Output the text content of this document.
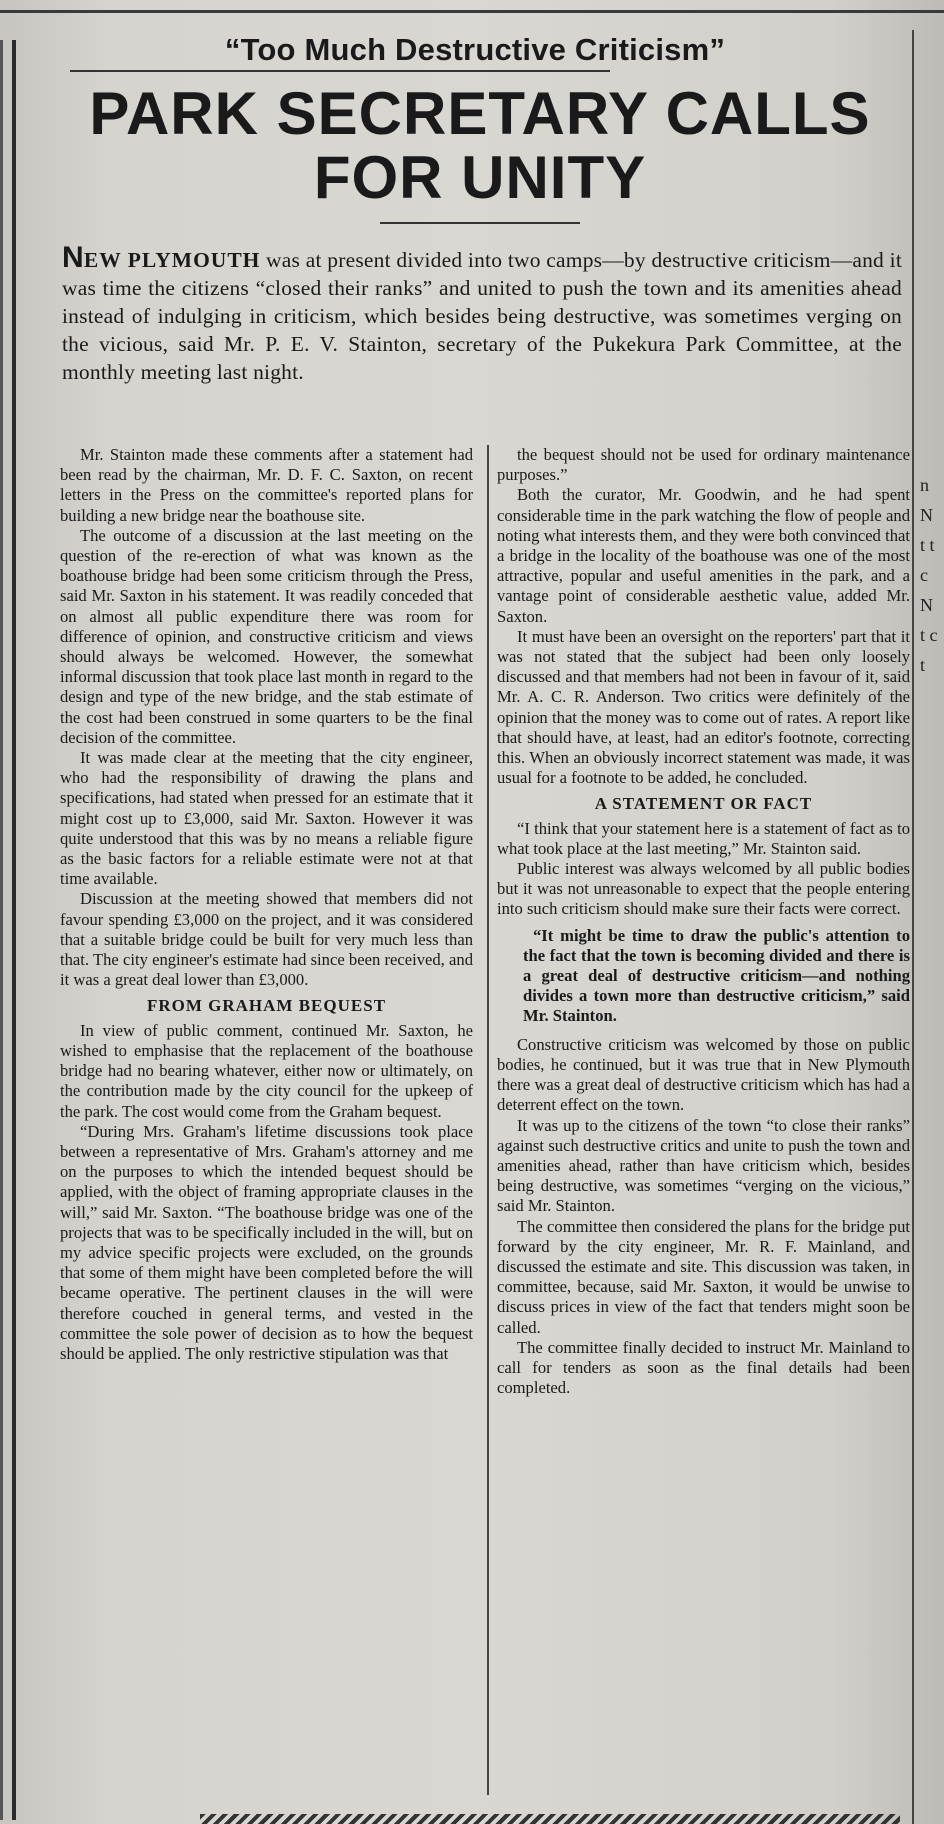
“Too Much Destructive Criticism”
PARK SECRETARY CALLS
FOR UNITY
NEW PLYMOUTH was at present divided into two camps—by destructive criticism—and it was time the citizens “closed their ranks” and united to push the town and its amenities ahead instead of indulging in criticism, which besides being destructive, was sometimes verging on the vicious, said Mr. P. E. V. Stainton, secretary of the Pukekura Park Committee, at the monthly meeting last night.

Mr. Stainton made these comments after a statement had been read by the chairman, Mr. D. F. C. Saxton, on recent letters in the Press on the committee's reported plans for building a new bridge near the boathouse site.

The outcome of a discussion at the last meeting on the question of the re-erection of what was known as the boathouse bridge had been some criticism through the Press, said Mr. Saxton in his statement. It was readily conceded that on almost all public expenditure there was room for difference of opinion, and constructive criticism and views should always be welcomed. However, the somewhat informal discussion that took place last month in regard to the design and type of the new bridge, and the stab estimate of the cost had been construed in some quarters to be the final decision of the committee.

It was made clear at the meeting that the city engineer, who had the responsibility of drawing the plans and specifications, had stated when pressed for an estimate that it might cost up to £3,000, said Mr. Saxton. However it was quite understood that this was by no means a reliable figure as the basic factors for a reliable estimate were not at that time available.

Discussion at the meeting showed that members did not favour spending £3,000 on the project, and it was considered that a suitable bridge could be built for very much less than that. The city engineer's estimate had since been received, and it was a great deal lower than £3,000.

FROM GRAHAM BEQUEST

In view of public comment, continued Mr. Saxton, he wished to emphasise that the replacement of the boathouse bridge had no bearing whatever, either now or ultimately, on the contribution made by the city council for the upkeep of the park. The cost would come from the Graham bequest.

“During Mrs. Graham's lifetime discussions took place between a representative of Mrs. Graham's attorney and me on the purposes to which the intended bequest should be applied, with the object of framing appropriate clauses in the will,” said Mr. Saxton. “The boathouse bridge was one of the projects that was to be specifically included in the will, but on my advice specific projects were excluded, on the grounds that some of them might have been completed before the will became operative. The pertinent clauses in the will were therefore couched in general terms, and vested in the committee the sole power of decision as to how the bequest should be applied. The only restrictive stipulation was that

the bequest should not be used for ordinary maintenance purposes.”

Both the curator, Mr. Goodwin, and he had spent considerable time in the park watching the flow of people and noting what interests them, and they were both convinced that a bridge in the locality of the boathouse was one of the most attractive, popular and useful amenities in the park, and a vantage point of considerable aesthetic value, added Mr. Saxton.

It must have been an oversight on the reporters' part that it was not stated that the subject had been only loosely discussed and that members had not been in favour of it, said Mr. A. C. R. Anderson. Two critics were definitely of the opinion that the money was to come out of rates. A report like that should have, at least, had an editor's footnote, correcting this. When an obviously incorrect statement was made, it was usual for a footnote to be added, he concluded.

A STATEMENT OR FACT

“I think that your statement here is a statement of fact as to what took place at the last meeting,” Mr. Stainton said.

Public interest was always welcomed by all public bodies but it was not unreasonable to expect that the people entering into such criticism should make sure their facts were correct.

“It might be time to draw the public's attention to the fact that the town is becoming divided and there is a great deal of destructive criticism—and nothing divides a town more than destructive criticism,” said Mr. Stainton.

Constructive criticism was welcomed by those on public bodies, he continued, but it was true that in New Plymouth there was a great deal of destructive criticism which has had a deterrent effect on the town.

It was up to the citizens of the town “to close their ranks” against such destructive critics and unite to push the town and amenities ahead, rather than have criticism which, besides being destructive, was sometimes “verging on the vicious,” said Mr. Stainton.

The committee then considered the plans for the bridge put forward by the city engineer, Mr. R. F. Mainland, and discussed the estimate and site. This discussion was taken, in committee, because, said Mr. Saxton, it would be unwise to discuss prices in view of the fact that tenders might soon be called.

The committee finally decided to instruct Mr. Mainland to call for tenders as soon as the final details had been completed.

n N t t c N t c t
